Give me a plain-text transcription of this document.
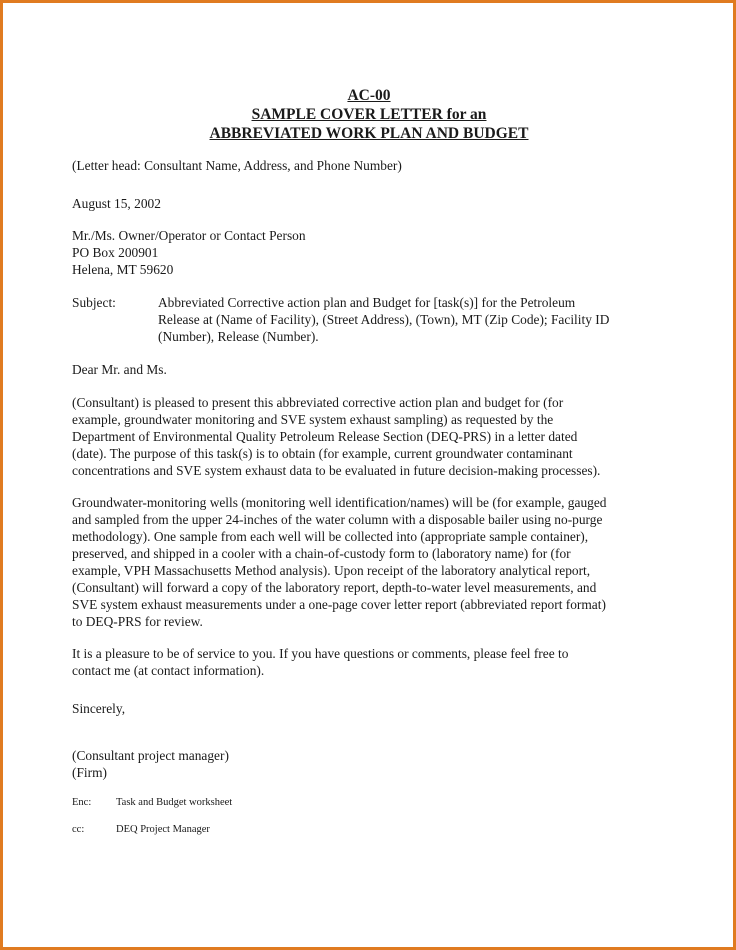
AC-00
SAMPLE COVER LETTER for an
ABBREVIATED WORK PLAN AND BUDGET

(Letter head: Consultant Name, Address, and Phone Number)

August 15, 2002

Mr./Ms. Owner/Operator or Contact Person

PO Box 200901

Helena, MT 59620

Subject:	Abbreviated Corrective action plan and Budget for [task(s)] for the Petroleum

Release at (Name of Facility), (Street Address), (Town), MT (Zip Code); Facility ID

(Number), Release (Number).

Dear Mr. and Ms.

(Consultant) is pleased to present this abbreviated corrective action plan and budget for (for

example, groundwater monitoring and SVE system exhaust sampling) as requested by the

Department of Environmental Quality Petroleum Release Section (DEQ-PRS) in a letter dated

(date). The purpose of this task(s) is to obtain (for example, current groundwater contaminant

concentrations and SVE system exhaust data to be evaluated in future decision-making processes).

Groundwater-monitoring wells (monitoring well identification/names) will be (for example, gauged

and sampled from the upper 24-inches of the water column with a disposable bailer using no-purge

methodology). One sample from each well will be collected into (appropriate sample container),

preserved, and shipped in a cooler with a chain-of-custody form to (laboratory name) for (for

example, VPH Massachusetts Method analysis). Upon receipt of the laboratory analytical report,

(Consultant) will forward a copy of the laboratory report, depth-to-water level measurements, and

SVE system exhaust measurements under a one-page cover letter report (abbreviated report format)

to DEQ-PRS for review.

It is a pleasure to be of service to you. If you have questions or comments, please feel free to

contact me (at contact information).

Sincerely,

(Consultant project manager)

(Firm)

Enc:	Task and Budget worksheet
cc:	DEQ Project Manager
